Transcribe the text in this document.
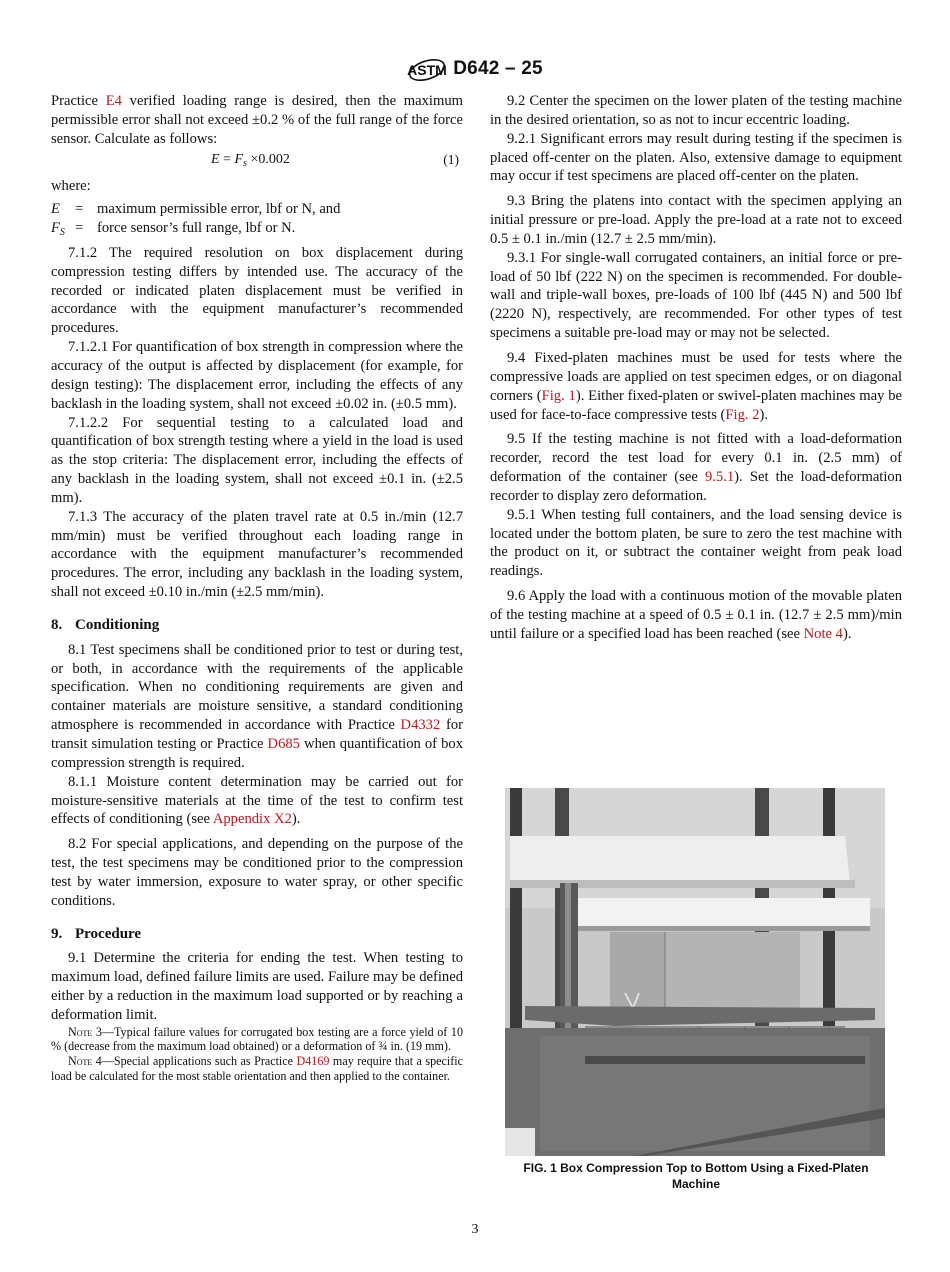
ASTM D642 – 25

Practice E4 verified loading range is desired, then the maximum permissible error shall not exceed ±0.2 % of the full range of the force sensor. Calculate as follows:

$E = F_s \times 0.002$	(1)

where:

E	= maximum permissible error, lbf or N, and
$F_S$ = force sensor’s full range, lbf or N.

7.1.2 The required resolution on box displacement during compression testing differs by intended use. The accuracy of the recorded or indicated platen displacement must be verified in accordance with the equipment manufacturer’s recommended procedures.

7.1.2.1 For quantification of box strength in compression where the accuracy of the output is affected by displacement (for example, for design testing): The displacement error, including the effects of any backlash in the loading system, shall not exceed ±0.02 in. (±0.5 mm).

7.1.2.2 For sequential testing to a calculated load and quantification of box strength testing where a yield in the load is used as the stop criteria: The displacement error, including the effects of any backlash in the loading system, shall not exceed ±0.1 in. (±2.5 mm).

7.1.3 The accuracy of the platen travel rate at 0.5 in./min (12.7 mm/min) must be verified throughout each loading range in accordance with the equipment manufacturer’s recommended procedures. The error, including any backlash in the loading system, shall not exceed ±0.10 in./min (±2.5 mm/min).

8. Conditioning

8.1 Test specimens shall be conditioned prior to test or during test, or both, in accordance with the requirements of the applicable specification. When no conditioning requirements are given and container materials are moisture sensitive, a standard conditioning atmosphere is recommended in accordance with Practice D4332 for transit simulation testing or Practice D685 when quantification of box compression strength is required.

8.1.1 Moisture content determination may be carried out for moisture-sensitive materials at the time of the test to confirm test effects of conditioning (see Appendix X2).

8.2 For special applications, and depending on the purpose of the test, the test specimens may be conditioned prior to the compression test by water immersion, exposure to water spray, or other specific conditions.

9. Procedure

9.1 Determine the criteria for ending the test. When testing to maximum load, defined failure limits are used. Failure may be defined either by a reduction in the maximum load supported or by reaching a deformation limit.

Note 3—Typical failure values for corrugated box testing are a force yield of 10 % (decrease from the maximum load obtained) or a deformation of ¾ in. (19 mm).

Note 4—Special applications such as Practice D4169 may require that a specific load be calculated for the most stable orientation and then applied to the container.

9.2 Center the specimen on the lower platen of the testing machine in the desired orientation, so as not to incur eccentric loading.

9.2.1 Significant errors may result during testing if the specimen is placed off-center on the platen. Also, extensive damage to equipment may occur if test specimens are placed off-center on the platen.

9.3 Bring the platens into contact with the specimen applying an initial pressure or pre-load. Apply the pre-load at a rate not to exceed 0.5 ± 0.1 in./min (12.7 ± 2.5 mm/min).

9.3.1 For single-wall corrugated containers, an initial force or pre-load of 50 lbf (222 N) on the specimen is recommended. For double-wall and triple-wall boxes, pre-loads of 100 lbf (445 N) and 500 lbf (2220 N), respectively, are recommended. For other types of test specimens a suitable pre-load may or may not be selected.

9.4 Fixed-platen machines must be used for tests where the compressive loads are applied on test specimen edges, or on diagonal corners (Fig. 1). Either fixed-platen or swivel-platen machines may be used for face-to-face compressive tests (Fig. 2).

9.5 If the testing machine is not fitted with a load-deformation recorder, record the test load for every 0.1 in. (2.5 mm) of deformation of the container (see 9.5.1). Set the load-deformation recorder to display zero deformation.

9.5.1 When testing full containers, and the load sensing device is located under the bottom platen, be sure to zero the test machine with the product on it, or subtract the container weight from peak load readings.

9.6 Apply the load with a continuous motion of the movable platen of the testing machine at a speed of 0.5 ± 0.1 in. (12.7 ± 2.5 mm)/min until failure or a specified load has been reached (see Note 4).

FIG. 1 Box Compression Top to Bottom Using a Fixed-Platen
Machine
3
